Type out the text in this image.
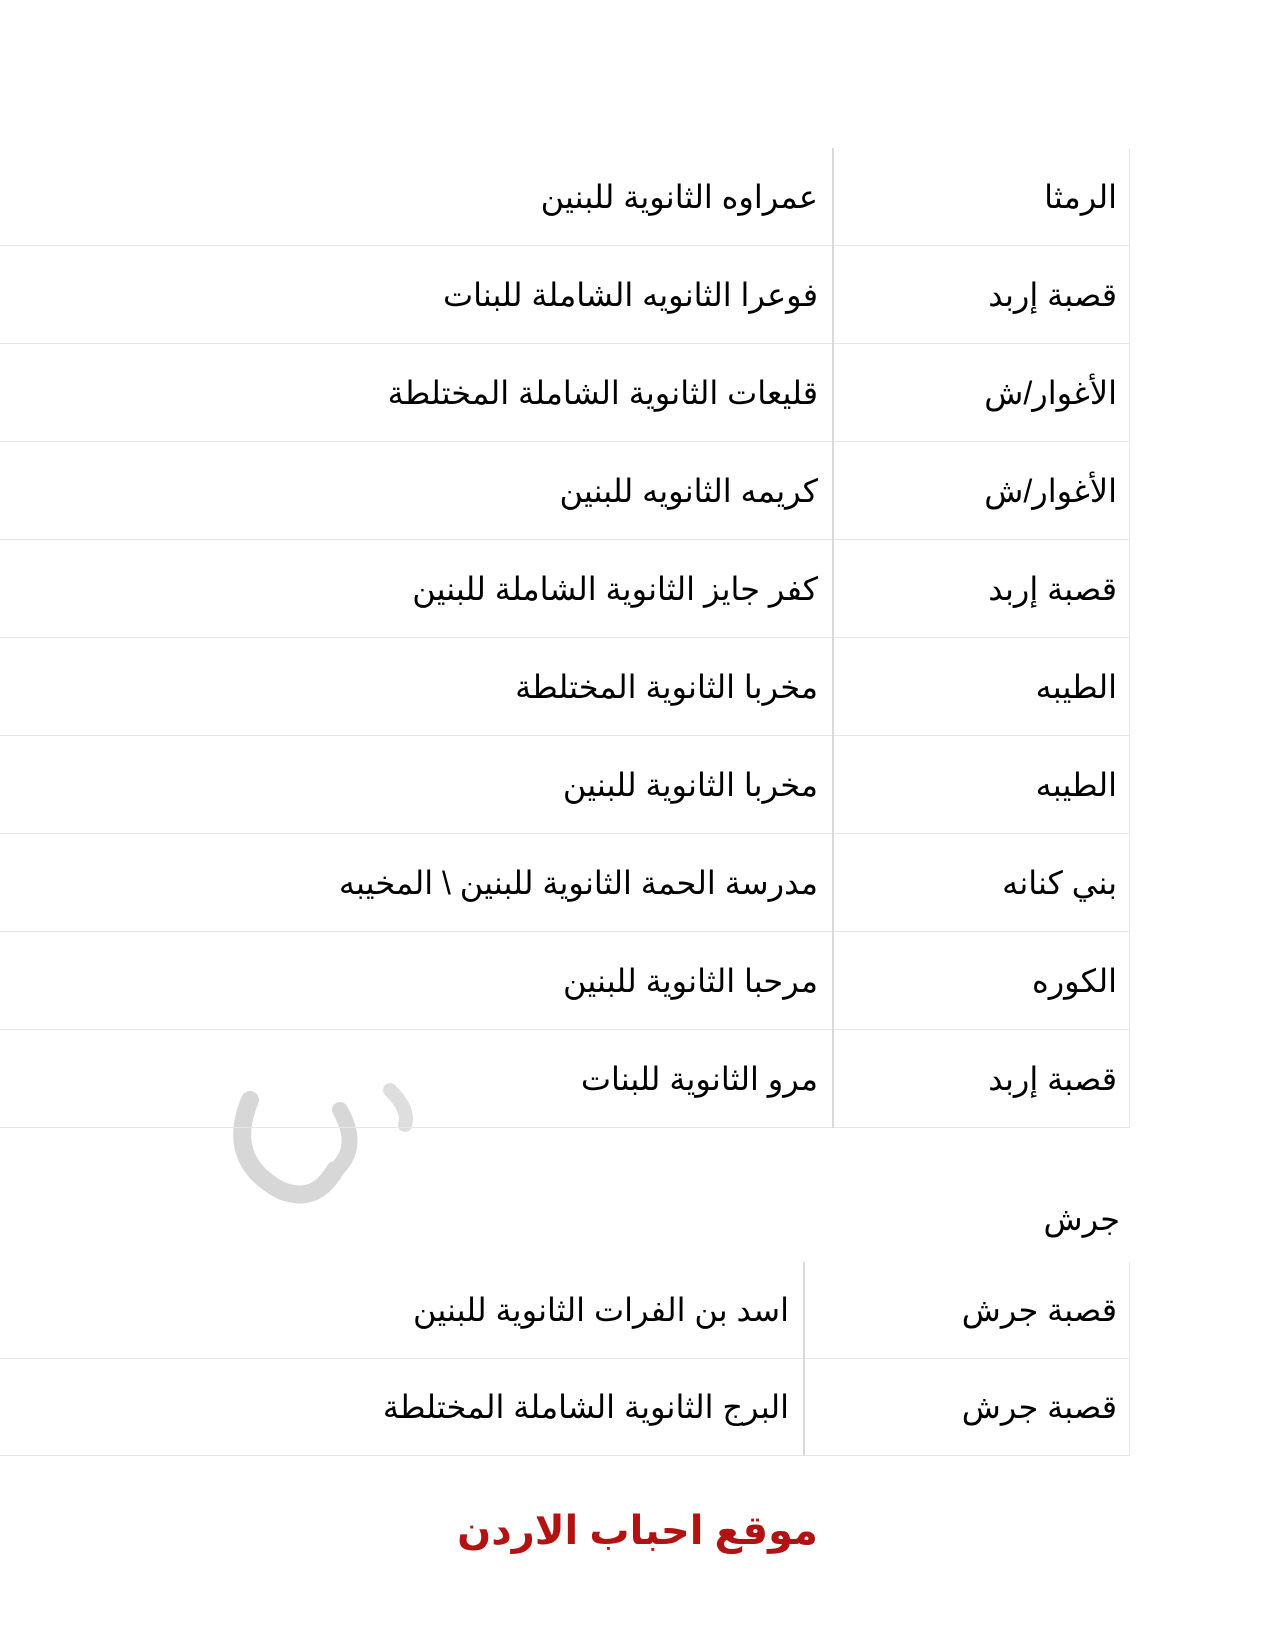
الرمثا	عمراوه الثانوية للبنين
قصبة إربد	فوعرا الثانويه الشاملة للبنات
الأغوار/ش	قليعات الثانوية الشاملة المختلطة
الأغوار/ش	كريمه الثانويه للبنين
قصبة إربد	كفر جايز الثانوية الشاملة للبنين
الطيبه	مخربا الثانوية المختلطة
الطيبه	مخربا الثانوية للبنين
بني كنانه	مدرسة الحمة الثانوية للبنين \ المخيبه
الكوره	مرحبا الثانوية للبنين
قصبة إربد	مرو الثانوية للبنات
جرش
قصبة جرش	اسد بن الفرات الثانوية للبنين
قصبة جرش	البرج الثانوية الشاملة المختلطة
موقع احباب الاردن
